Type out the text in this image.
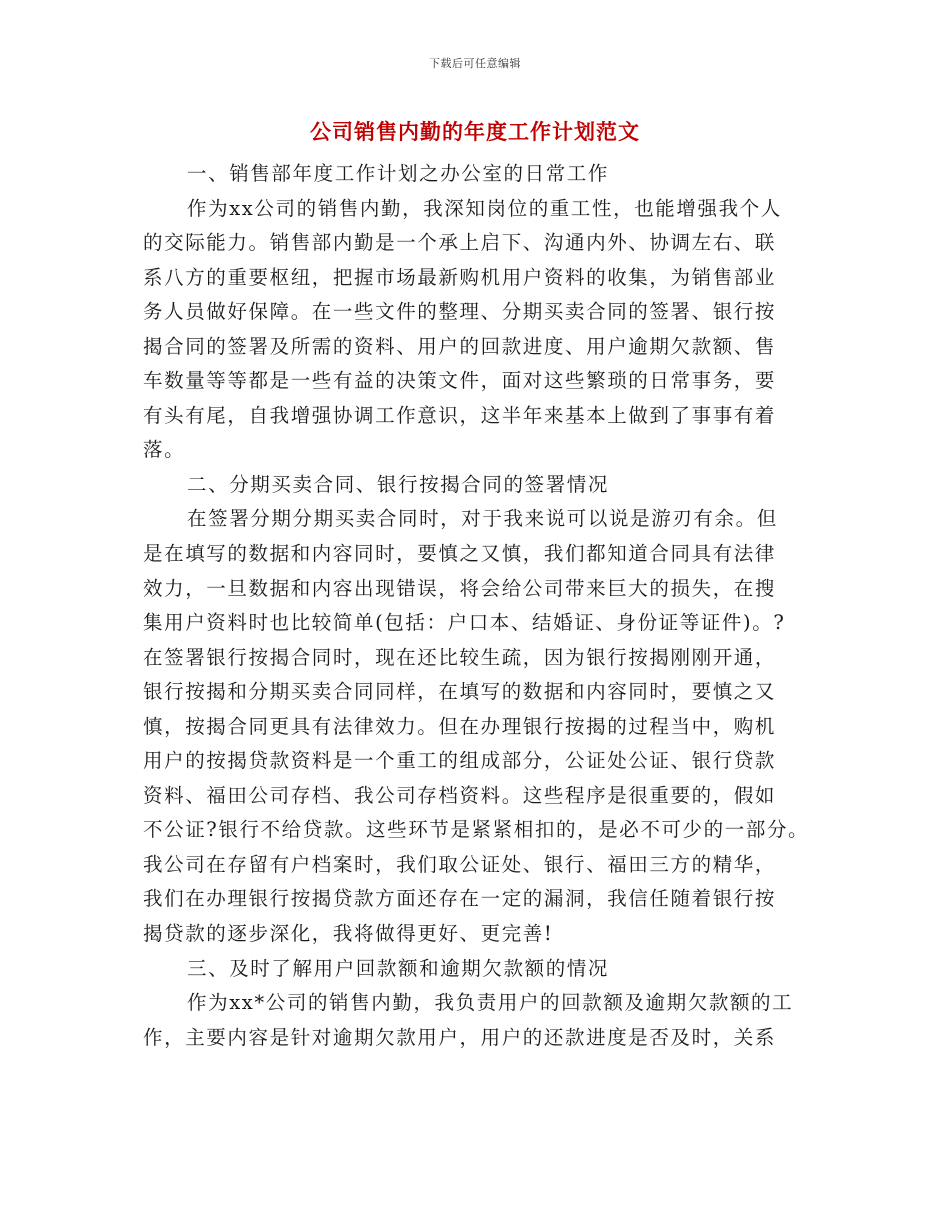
下载后可任意编辑
公司销售内勤的年度工作计划范文
一、销售部年度工作计划之办公室的日常工作
作为xx公司的销售内勤，我深知岗位的重工性，也能增强我个人
的交际能力。销售部内勤是一个承上启下、沟通内外、协调左右、联
系八方的重要枢纽，把握市场最新购机用户资料的收集，为销售部业
务人员做好保障。在一些文件的整理、分期买卖合同的签署、银行按
揭合同的签署及所需的资料、用户的回款进度、用户逾期欠款额、售
车数量等等都是一些有益的决策文件，面对这些繁琐的日常事务，要
有头有尾，自我增强协调工作意识，这半年来基本上做到了事事有着
落。
二、分期买卖合同、银行按揭合同的签署情况
在签署分期分期买卖合同时，对于我来说可以说是游刃有余。但
是在填写的数据和内容同时，要慎之又慎，我们都知道合同具有法律
效力，一旦数据和内容出现错误，将会给公司带来巨大的损失，在搜
集用户资料时也比较简单(包括：户口本、结婚证、身份证等证件)。?
在签署银行按揭合同时，现在还比较生疏，因为银行按揭刚刚开通，
银行按揭和分期买卖合同同样，在填写的数据和内容同时，要慎之又
慎，按揭合同更具有法律效力。但在办理银行按揭的过程当中，购机
用户的按揭贷款资料是一个重工的组成部分，公证处公证、银行贷款
资料、福田公司存档、我公司存档资料。这些程序是很重要的，假如
不公证?银行不给贷款。这些环节是紧紧相扣的，是必不可少的一部分。
我公司在存留有户档案时，我们取公证处、银行、福田三方的精华，
我们在办理银行按揭贷款方面还存在一定的漏洞，我信任随着银行按
揭贷款的逐步深化，我将做得更好、更完善!
三、及时了解用户回款额和逾期欠款额的情况
作为xx*公司的销售内勤，我负责用户的回款额及逾期欠款额的工
作，主要内容是针对逾期欠款用户，用户的还款进度是否及时，关系
